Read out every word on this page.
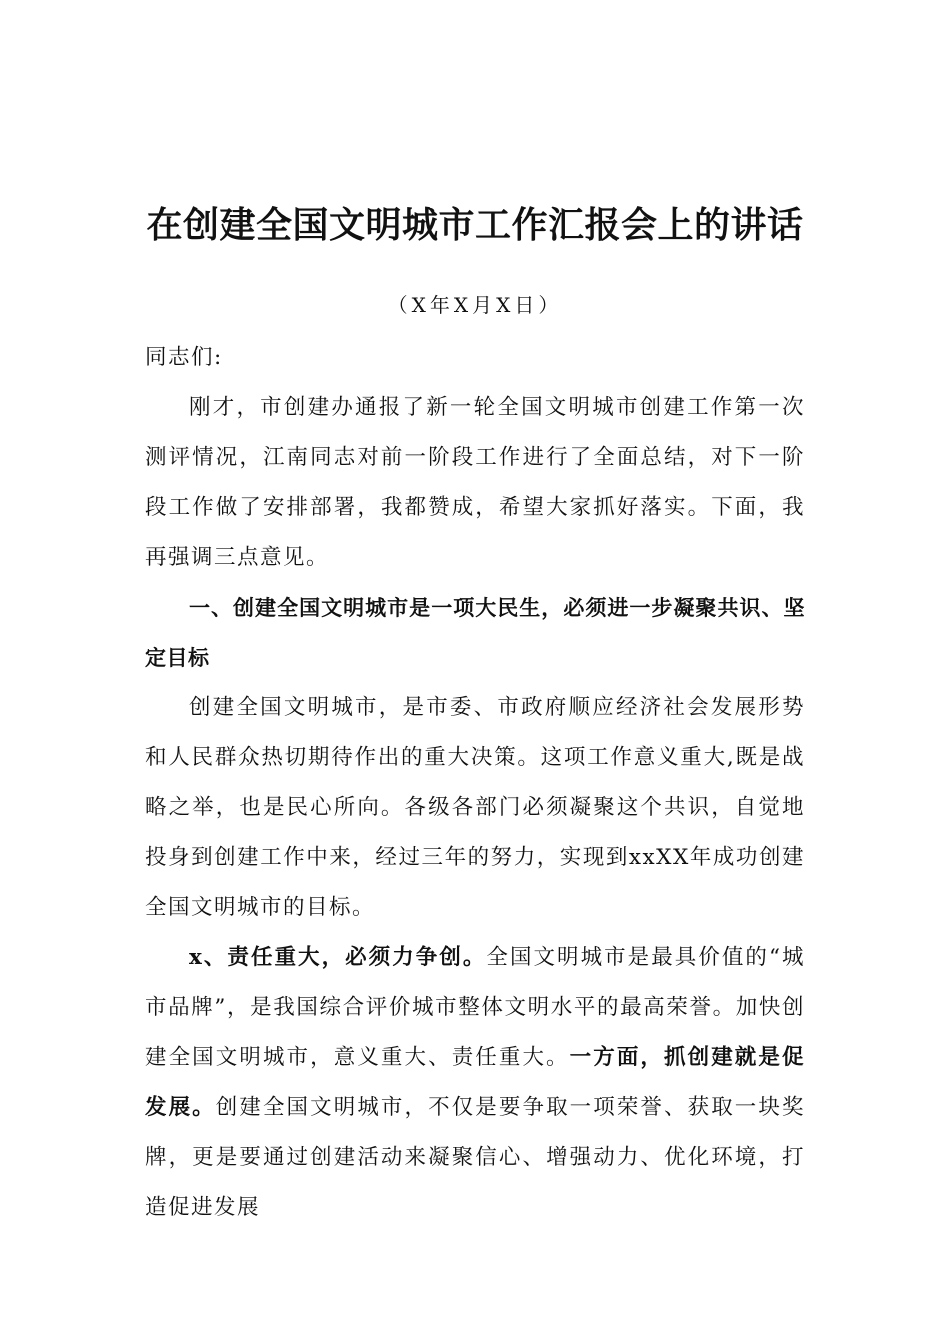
在创建全国文明城市工作汇报会上的讲话
（X年X月X日）

同志们:

刚才，市创建办通报了新一轮全国文明城市创建工作第一次测评情况，江南同志对前一阶段工作进行了全面总结，对下一阶段工作做了安排部署，我都赞成，希望大家抓好落实。下面，我再强调三点意见。

一、创建全国文明城市是一项大民生，必须进一步凝聚共识、坚定目标

创建全国文明城市，是市委、市政府顺应经济社会发展形势和人民群众热切期待作出的重大决策。这项工作意义重大,既是战略之举，也是民心所向。各级各部门必须凝聚这个共识，自觉地投身到创建工作中来，经过三年的努力，实现到xxXX年成功创建全国文明城市的目标。

x、责任重大，必须力争创。全国文明城市是最具价值的“城市品牌”，是我国综合评价城市整体文明水平的最高荣誉。加快创建全国文明城市，意义重大、责任重大。一方面，抓创建就是促发展。创建全国文明城市，不仅是要争取一项荣誉、获取一块奖牌，更是要通过创建活动来凝聚信心、增强动力、优化环境，打造促进发展
